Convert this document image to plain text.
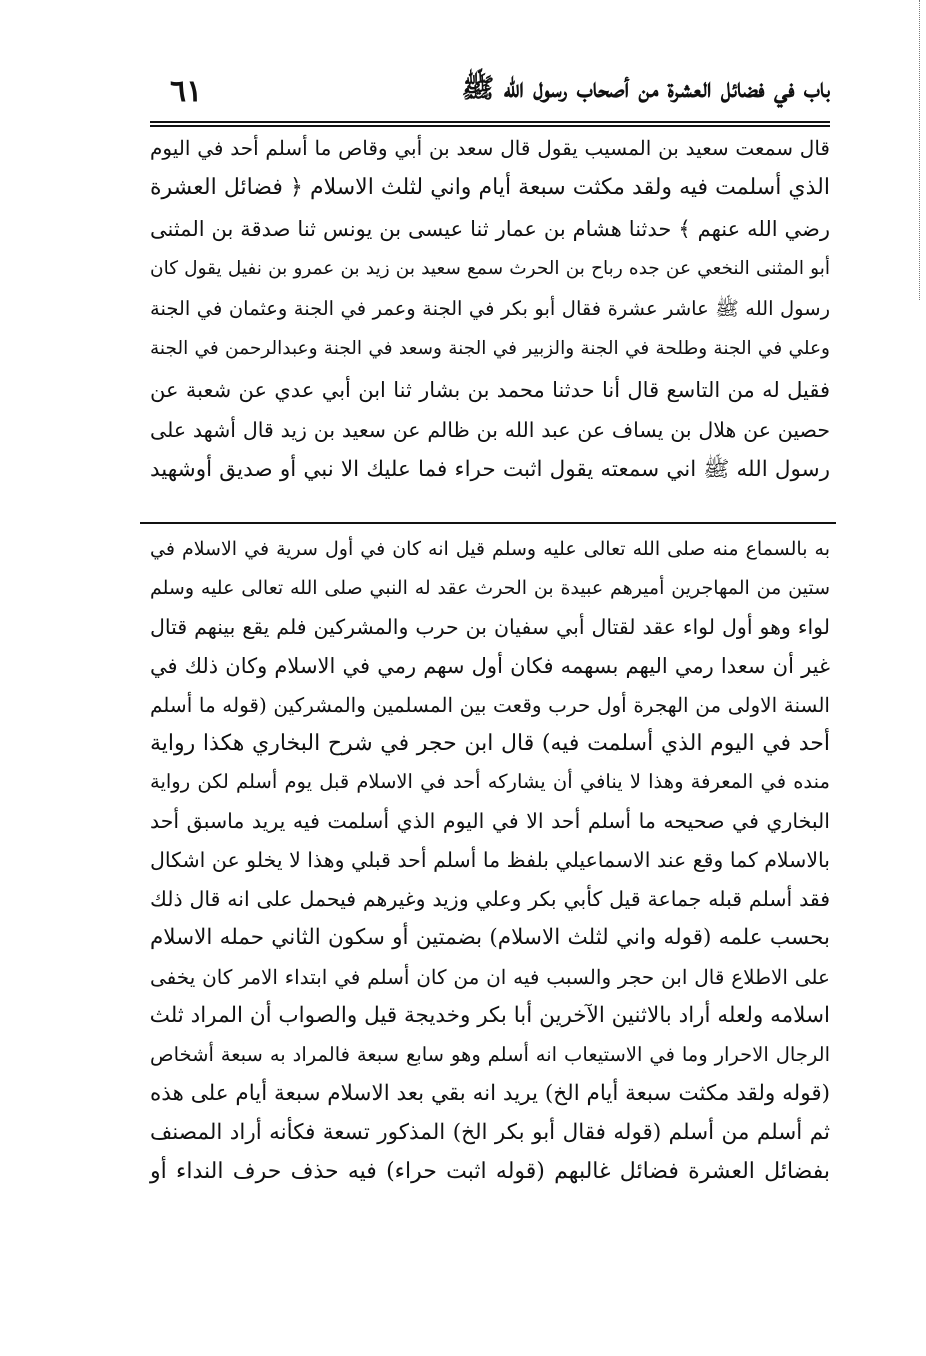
باب في فضائل العشرة من أصحاب رسول الله ﷺ
٦١

قال سمعت سعيد بن المسيب يقول قال سعد بن أبي وقاص ما أسلم أحد في اليوم
الذي أسلمت فيه ولقد مكثت سبعة أيام واني لثلث الاسلام ﴿ فضائل العشرة
رضي الله عنهم ﴾ حدثنا هشام بن عمار ثنا عيسى بن يونس ثنا صدقة بن المثنى
أبو المثنى النخعي عن جده رباح بن الحرث سمع سعيد بن زيد بن عمرو بن نفيل يقول كان
رسول الله ﷺ عاشر عشرة فقال أبو بكر في الجنة وعمر في الجنة وعثمان في الجنة
وعلي في الجنة وطلحة في الجنة والزبير في الجنة وسعد في الجنة وعبدالرحمن في الجنة
فقيل له من التاسع قال أنا حدثنا محمد بن بشار ثنا ابن أبي عدي عن شعبة عن
حصين عن هلال بن يساف عن عبد الله بن ظالم عن سعيد بن زيد قال أشهد على
رسول الله ﷺ اني سمعته يقول اثبت حراء فما عليك الا نبي أو صديق أوشهيد

به بالسماع منه صلى الله تعالى عليه وسلم قيل انه كان في أول سرية في الاسلام في
ستين من المهاجرين أميرهم عبيدة بن الحرث عقد له النبي صلى الله تعالى عليه وسلم
لواء وهو أول لواء عقد لقتال أبي سفيان بن حرب والمشركين فلم يقع بينهم قتال
غير أن سعدا رمي اليهم بسهمه فكان أول سهم رمي في الاسلام وكان ذلك في
السنة الاولى من الهجرة أول حرب وقعت بين المسلمين والمشركين (قوله ما أسلم
أحد في اليوم الذي أسلمت فيه) قال ابن حجر في شرح البخاري هكذا رواية
منده في المعرفة وهذا لا ينافي أن يشاركه أحد في الاسلام قبل يوم أسلم لكن رواية
البخاري في صحيحه ما أسلم أحد الا في اليوم الذي أسلمت فيه يريد ماسبق أحد
بالاسلام كما وقع عند الاسماعيلي بلفظ ما أسلم أحد قبلي وهذا لا يخلو عن اشكال
فقد أسلم قبله جماعة قيل كأبي بكر وعلي وزيد وغيرهم فيحمل على انه قال ذلك
بحسب علمه (قوله واني لثلث الاسلام) بضمتين أو سكون الثاني حمله الاسلام
على الاطلاع قال ابن حجر والسبب فيه ان من كان أسلم في ابتداء الامر كان يخفى
اسلامه ولعله أراد بالاثنين الآخرين أبا بكر وخديجة قيل والصواب أن المراد ثلث
الرجال الاحرار وما في الاستيعاب انه أسلم وهو سابع سبعة فالمراد به سبعة أشخاص
(قوله ولقد مكثت سبعة أيام الخ) يريد انه بقي بعد الاسلام سبعة أيام على هذه
ثم أسلم من أسلم (قوله فقال أبو بكر الخ) المذكور تسعة فكأنه أراد المصنف
بفضائل العشرة فضائل غالبهم (قوله اثبت حراء) فيه حذف حرف النداء أو
